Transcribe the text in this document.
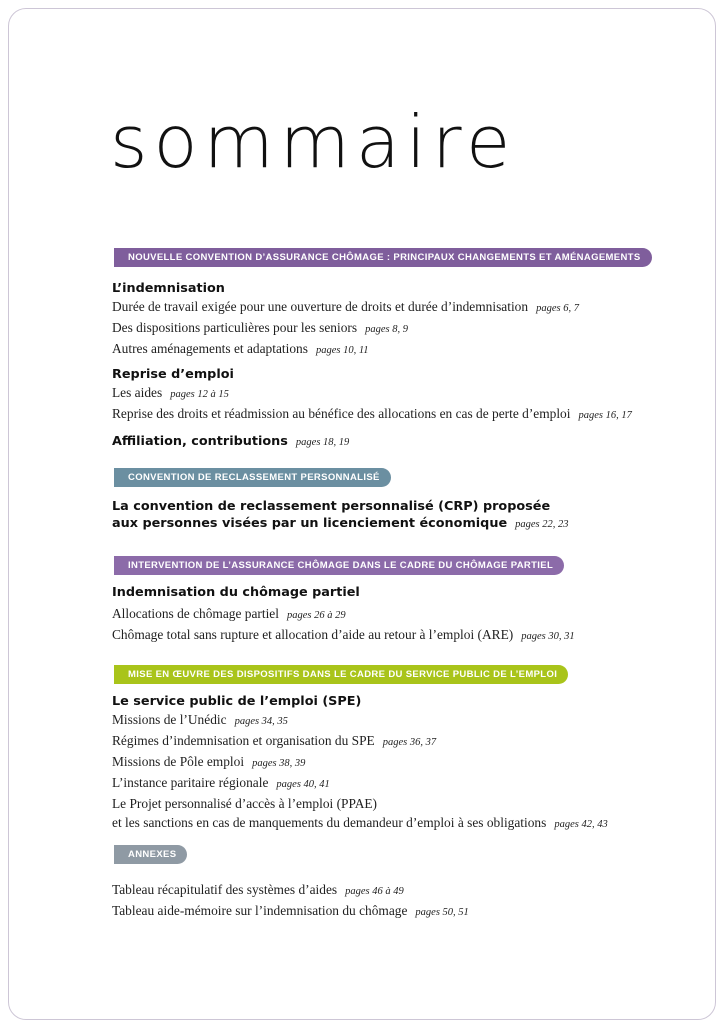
sommaire
NOUVELLE CONVENTION D’ASSURANCE CHÔMAGE : PRINCIPAUX CHANGEMENTS ET AMÉNAGEMENTS

L’indemnisation

Durée de travail exigée pour une ouverture de droits et durée d’indemnisation pages 6, 7

Des dispositions particulières pour les seniors pages 8, 9

Autres aménagements et adaptations pages 10, 11

Reprise d’emploi

Les aides pages 12 à 15

Reprise des droits et réadmission au bénéfice des allocations en cas de perte d’emploi pages 16, 17

Affiliation, contributions pages 18, 19

CONVENTION DE RECLASSEMENT PERSONNALISÉ

La convention de reclassement personnalisé (CRP) proposée

aux personnes visées par un licenciement économique pages 22, 23

INTERVENTION DE L’ASSURANCE CHÔMAGE DANS LE CADRE DU CHÔMAGE PARTIEL

Indemnisation du chômage partiel

Allocations de chômage partiel pages 26 à 29

Chômage total sans rupture et allocation d’aide au retour à l’emploi (ARE) pages 30, 31

MISE EN ŒUVRE DES DISPOSITIFS DANS LE CADRE DU SERVICE PUBLIC DE L’EMPLOI

Le service public de l’emploi (SPE)

Missions de l’Unédic pages 34, 35

Régimes d’indemnisation et organisation du SPE pages 36, 37

Missions de Pôle emploi pages 38, 39

L’instance paritaire régionale pages 40, 41

Le Projet personnalisé d’accès à l’emploi (PPAE)

et les sanctions en cas de manquements du demandeur d’emploi à ses obligations pages 42, 43

ANNEXES

Tableau récapitulatif des systèmes d’aides pages 46 à 49

Tableau aide-mémoire sur l’indemnisation du chômage pages 50, 51
